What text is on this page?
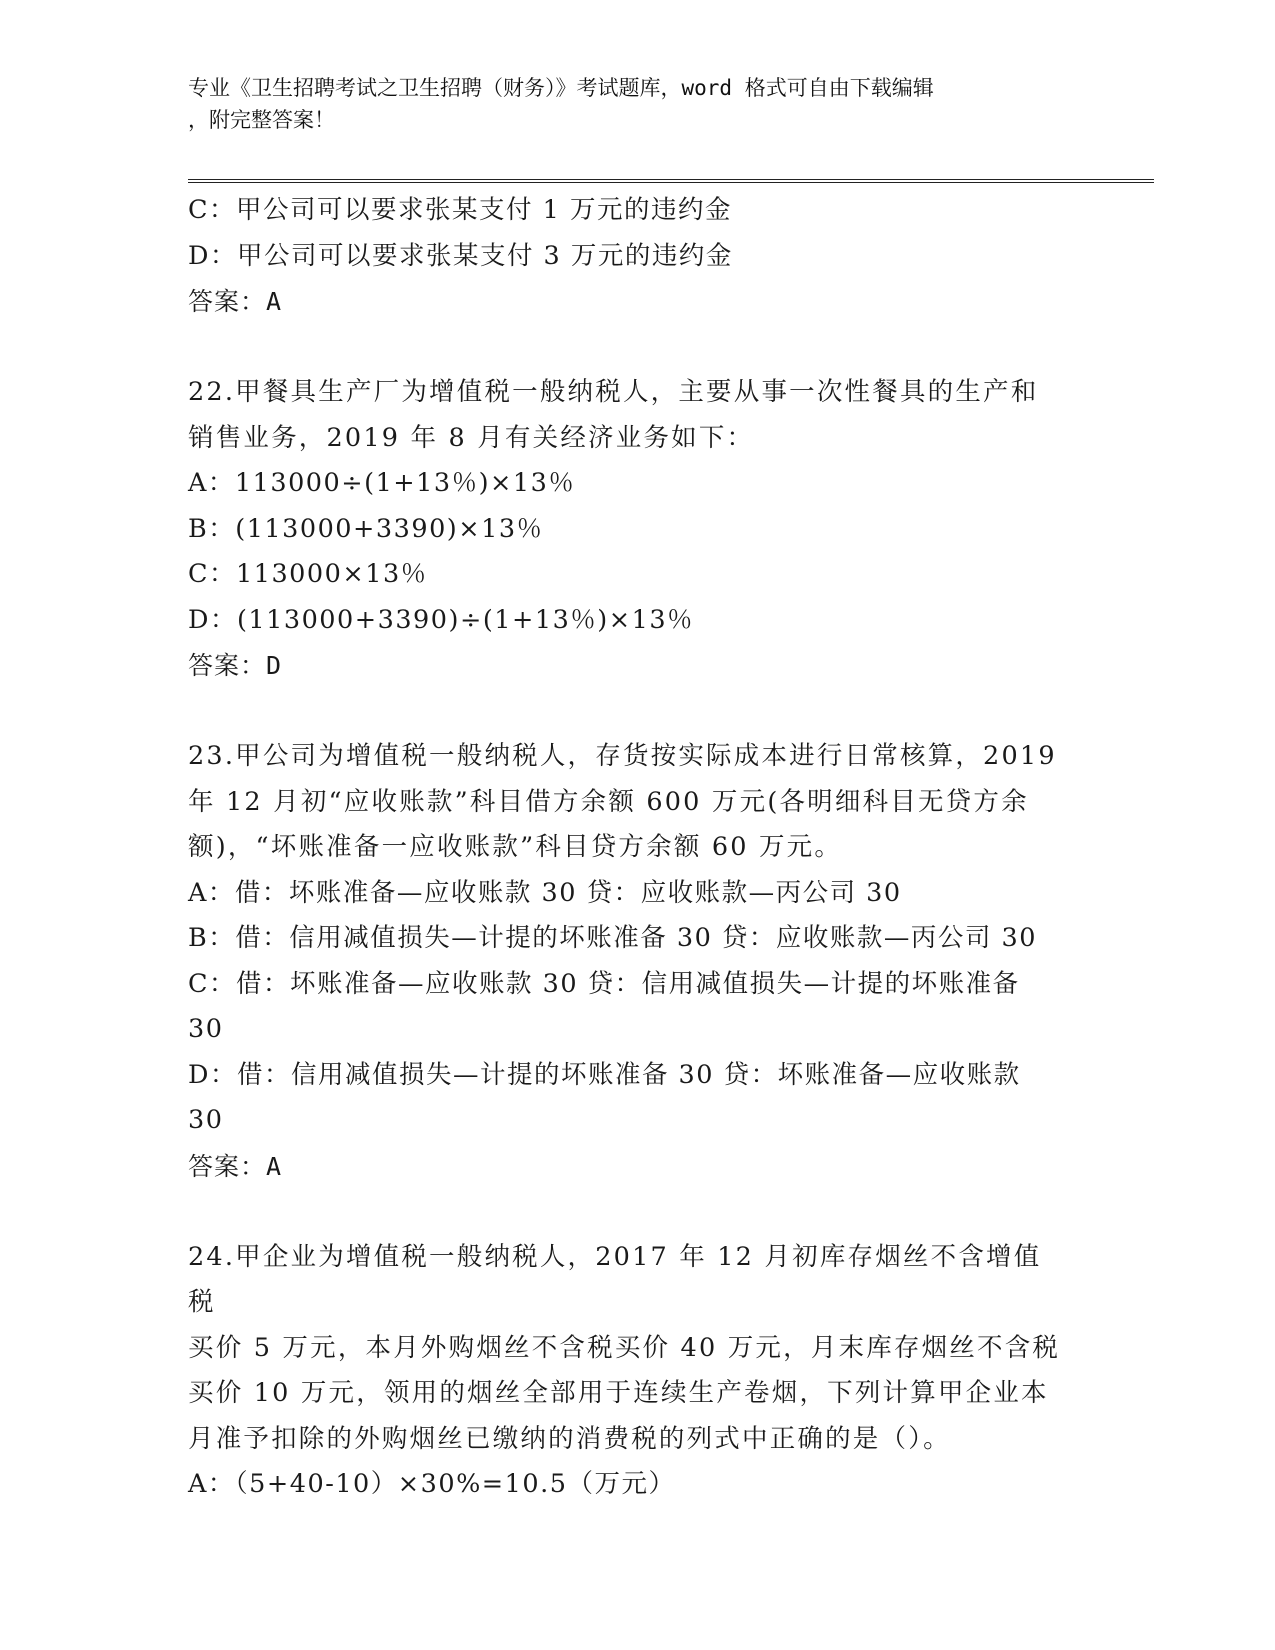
专业《卫生招聘考试之卫生招聘（财务）》考试题库，word 格式可自由下载编辑
，附完整答案！
C：甲公司可以要求张某支付 1 万元的违约金
D：甲公司可以要求张某支付 3 万元的违约金
答案：A
22.甲餐具生产厂为增值税一般纳税人，主要从事一次性餐具的生产和
销售业务，2019 年 8 月有关经济业务如下：
A：113000÷(1+13％)×13％
B：(113000+3390)×13％
C：113000×13％
D：(113000+3390)÷(1+13％)×13％
答案：D
23.甲公司为增值税一般纳税人，存货按实际成本进行日常核算，2019
年 12 月初“应收账款”科目借方余额 600 万元(各明细科目无贷方余
额)，“坏账准备一应收账款”科目贷方余额 60 万元。
A：借：坏账准备—应收账款 30 贷：应收账款—丙公司 30
B：借：信用减值损失—计提的坏账准备 30 贷：应收账款—丙公司 30
C：借：坏账准备—应收账款 30 贷：信用减值损失—计提的坏账准备
30
D：借：信用减值损失—计提的坏账准备 30 贷：坏账准备—应收账款
30
答案：A
24.甲企业为增值税一般纳税人，2017 年 12 月初库存烟丝不含增值税
买价 5 万元，本月外购烟丝不含税买价 40 万元，月末库存烟丝不含税
买价 10 万元，领用的烟丝全部用于连续生产卷烟，下列计算甲企业本
月准予扣除的外购烟丝已缴纳的消费税的列式中正确的是（）。
A：（5+40-10）×30%=10.5（万元）
